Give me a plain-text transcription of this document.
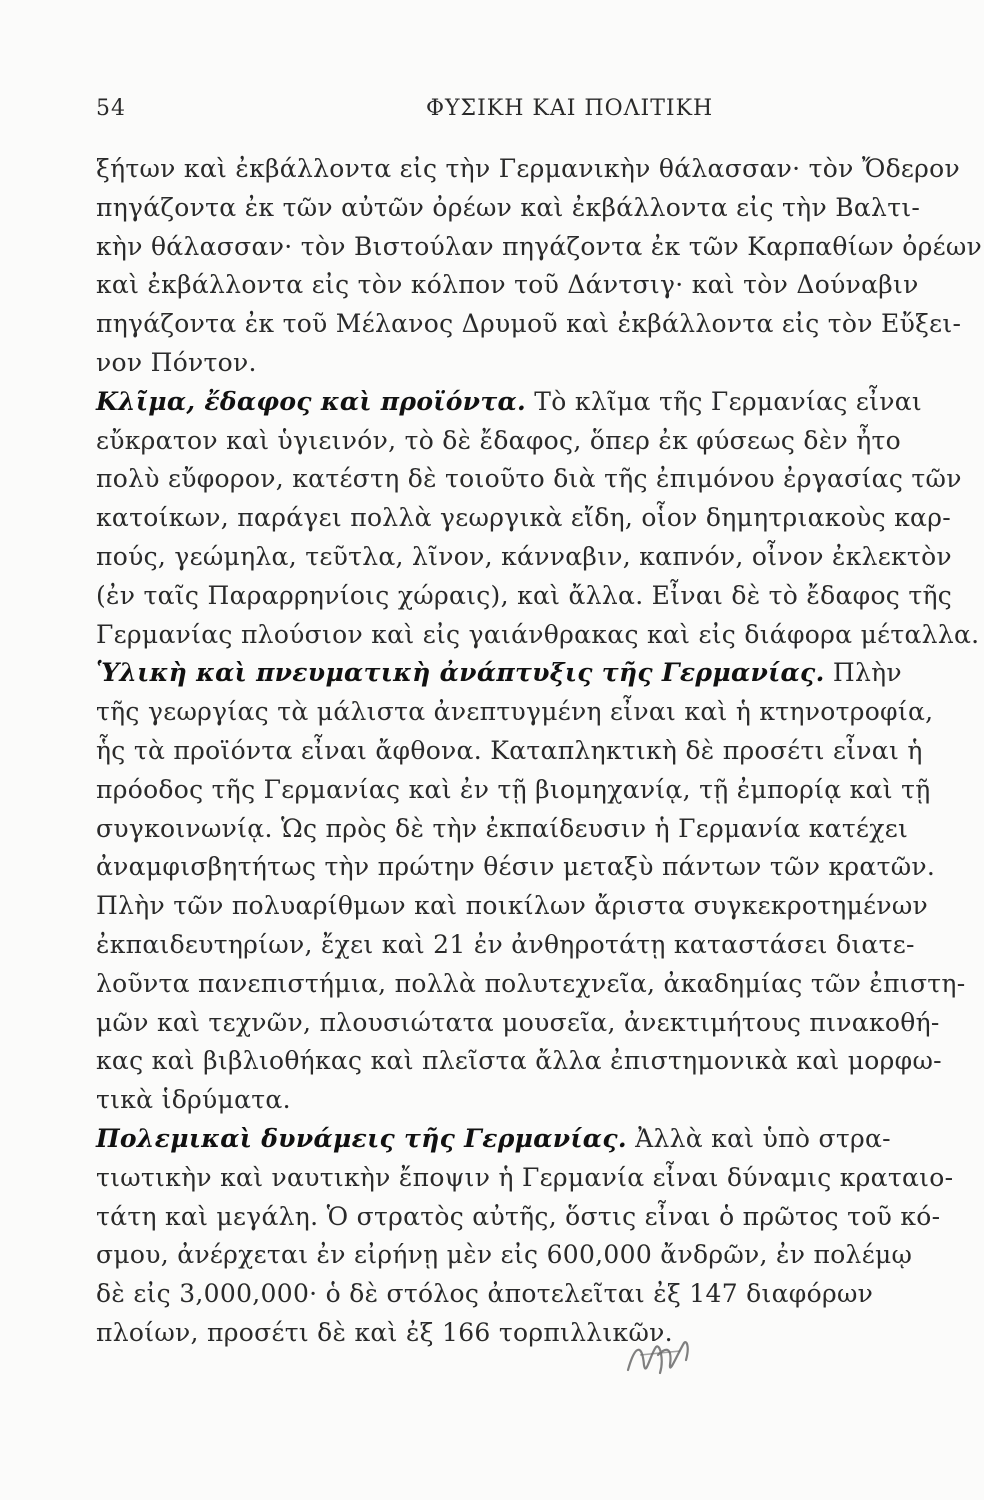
54	ΦΥΣΙΚΗ ΚΑΙ ΠΟΛΙΤΙΚΗ
ξήτων καὶ ἐκβάλλοντα εἰς τὴν Γερμανικὴν θάλασσαν· τὸν Ὄδερον
πηγάζοντα ἐκ τῶν αὐτῶν ὀρέων καὶ ἐκβάλλοντα εἰς τὴν Βαλτι-
κὴν θάλασσαν· τὸν Βιστούλαν πηγάζοντα ἐκ τῶν Καρπαθίων ὀρέων
καὶ ἐκβάλλοντα εἰς τὸν κόλπον τοῦ Δάντσιγ· καὶ τὸν Δούναβιν
πηγάζοντα ἐκ τοῦ Μέλανος Δρυμοῦ καὶ ἐκβάλλοντα εἰς τὸν Εὔξει-
νον Πόντον.
Κλῖμα, ἔδαφος καὶ προϊόντα. Τὸ κλῖμα τῆς Γερμανίας εἶναι
εὔκρατον καὶ ὑγιεινόν, τὸ δὲ ἔδαφος, ὅπερ ἐκ φύσεως δὲν ἦτο
πολὺ εὔφορον, κατέστη δὲ τοιοῦτο διὰ τῆς ἐπιμόνου ἐργασίας τῶν
κατοίκων, παράγει πολλὰ γεωργικὰ εἴδη, οἷον δημητριακοὺς καρ-
πούς, γεώμηλα, τεῦτλα, λῖνον, κάνναβιν, καπνόν, οἶνον ἐκλεκτὸν
(ἐν ταῖς Παραρρηνίοις χώραις), καὶ ἄλλα. Εἶναι δὲ τὸ ἔδαφος τῆς
Γερμανίας πλούσιον καὶ εἰς γαιάνθρακας καὶ εἰς διάφορα μέταλλα.
Ὑλικὴ καὶ πνευματικὴ ἀνάπτυξις τῆς Γερμανίας. Πλὴν
τῆς γεωργίας τὰ μάλιστα ἀνεπτυγμένη εἶναι καὶ ἡ κτηνοτροφία,
ἧς τὰ προϊόντα εἶναι ἄφθονα. Καταπληκτικὴ δὲ προσέτι εἶναι ἡ
πρόοδος τῆς Γερμανίας καὶ ἐν τῇ βιομηχανίᾳ, τῇ ἐμπορίᾳ καὶ τῇ
συγκοινωνίᾳ. Ὡς πρὸς δὲ τὴν ἐκπαίδευσιν ἡ Γερμανία κατέχει
ἀναμφισβητήτως τὴν πρώτην θέσιν μεταξὺ πάντων τῶν κρατῶν.
Πλὴν τῶν πολυαρίθμων καὶ ποικίλων ἄριστα συγκεκροτημένων
ἐκπαιδευτηρίων, ἔχει καὶ 21 ἐν ἀνθηροτάτῃ καταστάσει διατε-
λοῦντα πανεπιστήμια, πολλὰ πολυτεχνεῖα, ἀκαδημίας τῶν ἐπιστη-
μῶν καὶ τεχνῶν, πλουσιώτατα μουσεῖα, ἀνεκτιμήτους πινακοθή-
κας καὶ βιβλιοθήκας καὶ πλεῖστα ἄλλα ἐπιστημονικὰ καὶ μορφω-
τικὰ ἱδρύματα.
Πολεμικαὶ δυνάμεις τῆς Γερμανίας. Ἀλλὰ καὶ ὑπὸ στρα-
τιωτικὴν καὶ ναυτικὴν ἔποψιν ἡ Γερμανία εἶναι δύναμις κραταιο-
τάτη καὶ μεγάλη. Ὁ στρατὸς αὐτῆς, ὅστις εἶναι ὁ πρῶτος τοῦ κό-
σμου, ἀνέρχεται ἐν εἰρήνῃ μὲν εἰς 600,000 ἄνδρῶν, ἐν πολέμῳ
δὲ εἰς 3,000,000· ὁ δὲ στόλος ἀποτελεῖται ἐξ 147 διαφόρων
πλοίων, προσέτι δὲ καὶ ἐξ 166 τορπιλλικῶν.
